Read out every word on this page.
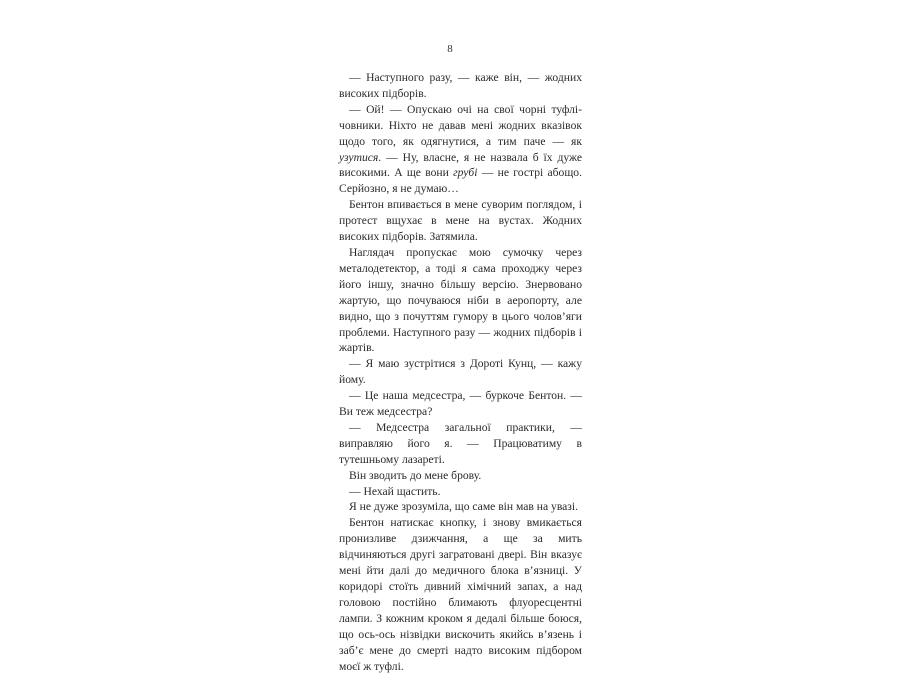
8

— Наступного разу, — каже він, — жодних високих підборів.

— Ой! — Опускаю очі на свої чорні туфлі-човники. Ніхто не давав мені жодних вказівок щодо того, як одягнутися, а тим паче — як узутися. — Ну, власне, я не назвала б їх дуже високими. А ще вони грубі — не гострі абощо. Серйозно, я не думаю…

Бентон впивається в мене суворим поглядом, і протест вщухає в мене на вустах. Жодних високих підборів. Затямила.

Наглядач пропускає мою сумочку через металодетектор, а тоді я сама проходжу через його іншу, значно більшу версію. Знервовано жартую, що почуваюся ніби в аеропорту, але видно, що з почуттям гумору в цього чолов’яги проблеми. Наступного разу — жодних підборів і жартів.

— Я маю зустрітися з Дороті Кунц, — кажу йому.

— Це наша медсестра, — буркоче Бентон. — Ви теж медсестра?

— Медсестра загальної практики, — виправляю його я. — Працюватиму в тутешньому лазареті.

Він зводить до мене брову.

— Нехай щастить.

Я не дуже зрозуміла, що саме він мав на увазі.

Бентон натискає кнопку, і знову вмикається пронизливе дзижчання, а ще за мить відчиняються другі загратовані двері. Він вказує мені йти далі до медичного блока в’язниці. У коридорі стоїть дивний хімічний запах, а над головою постійно блимають флуоресцентні лампи. З кожним кроком я дедалі більше боюся, що ось-ось нізвідки вискочить якийсь в’язень і заб’є мене до смерті надто високим підбором моєї ж туфлі.
